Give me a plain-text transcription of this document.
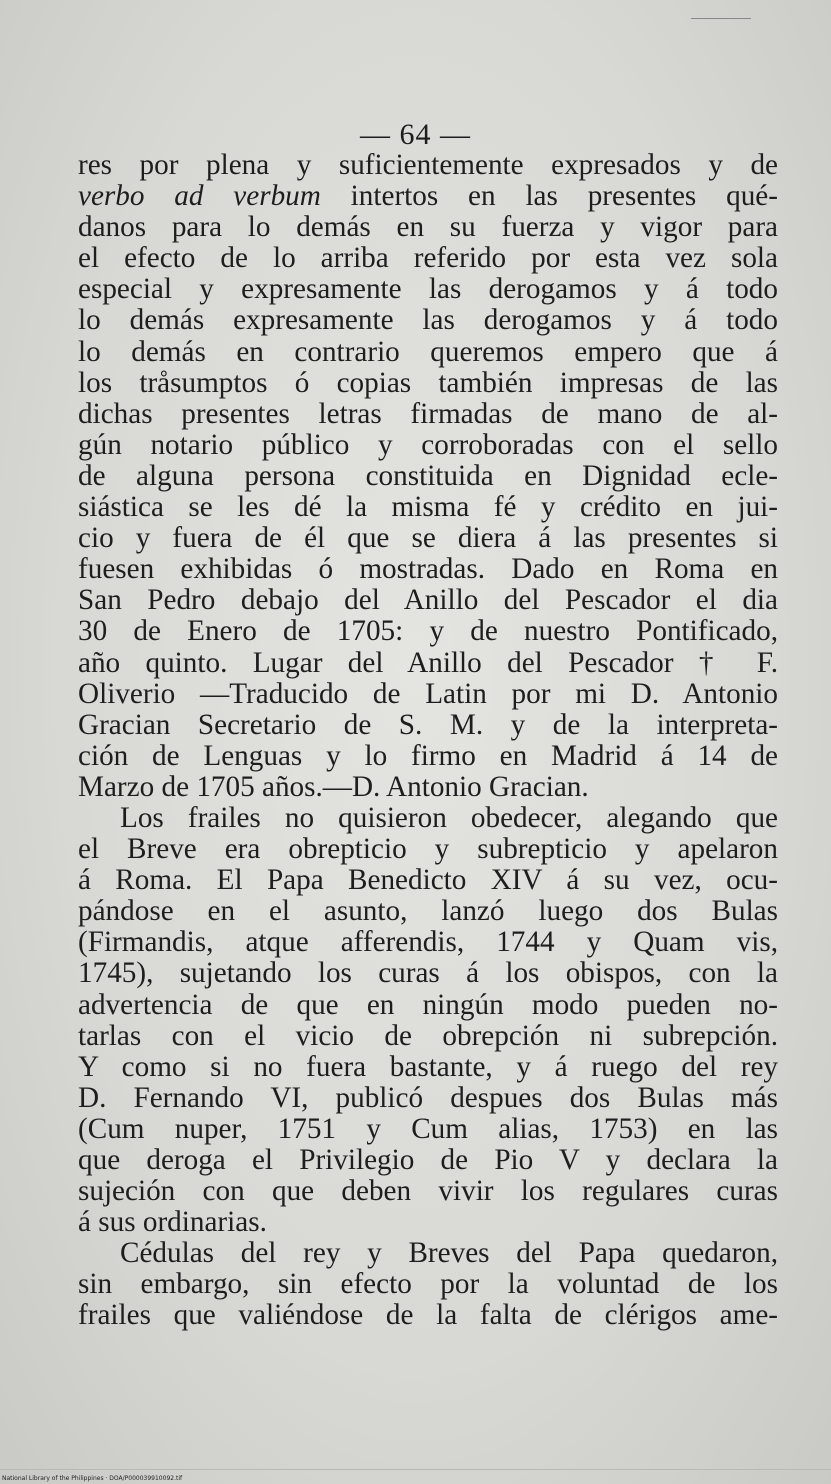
— 64 —
res por plena y suficientemente expresados y de
verbo ad verbum intertos en las presentes qué-
danos para lo demás en su fuerza y vigor para
el efecto de lo arriba referido por esta vez sola
especial y expresamente las derogamos y á todo
lo demás expresamente las derogamos y á todo
lo demás en contrario queremos empero que á
los tråsumptos ó copias también impresas de las
dichas presentes letras firmadas de mano de al-
gún notario público y corroboradas con el sello
de alguna persona constituida en Dignidad ecle-
siástica se les dé la misma fé y crédito en jui-
cio y fuera de él que se diera á las presentes si
fuesen exhibidas ó mostradas. Dado en Roma en
San Pedro debajo del Anillo del Pescador el dia
30 de Enero de 1705: y de nuestro Pontificado,
año quinto. Lugar del Anillo del Pescador † F.
Oliverio —Traducido de Latin por mi D. Antonio
Gracian Secretario de S. M. y de la interpreta-
ción de Lenguas y lo firmo en Madrid á 14 de
Marzo de 1705 años.—D. Antonio Gracian.
Los frailes no quisieron obedecer, alegando que
el Breve era obrepticio y subrepticio y apelaron
á Roma. El Papa Benedicto XIV á su vez, ocu-
pándose en el asunto, lanzó luego dos Bulas
(Firmandis, atque afferendis, 1744 y Quam vis,
1745), sujetando los curas á los obispos, con la
advertencia de que en ningún modo pueden no-
tarlas con el vicio de obrepción ni subrepción.
Y como si no fuera bastante, y á ruego del rey
D. Fernando VI, publicó despues dos Bulas más
(Cum nuper, 1751 y Cum alias, 1753) en las
que deroga el Privilegio de Pio V y declara la
sujeción con que deben vivir los regulares curas
á sus ordinarias.
Cédulas del rey y Breves del Papa quedaron,
sin embargo, sin efecto por la voluntad de los
frailes que valiéndose de la falta de clérigos ame-
National Library of the Philippines · DOA/P000039910092.tif
